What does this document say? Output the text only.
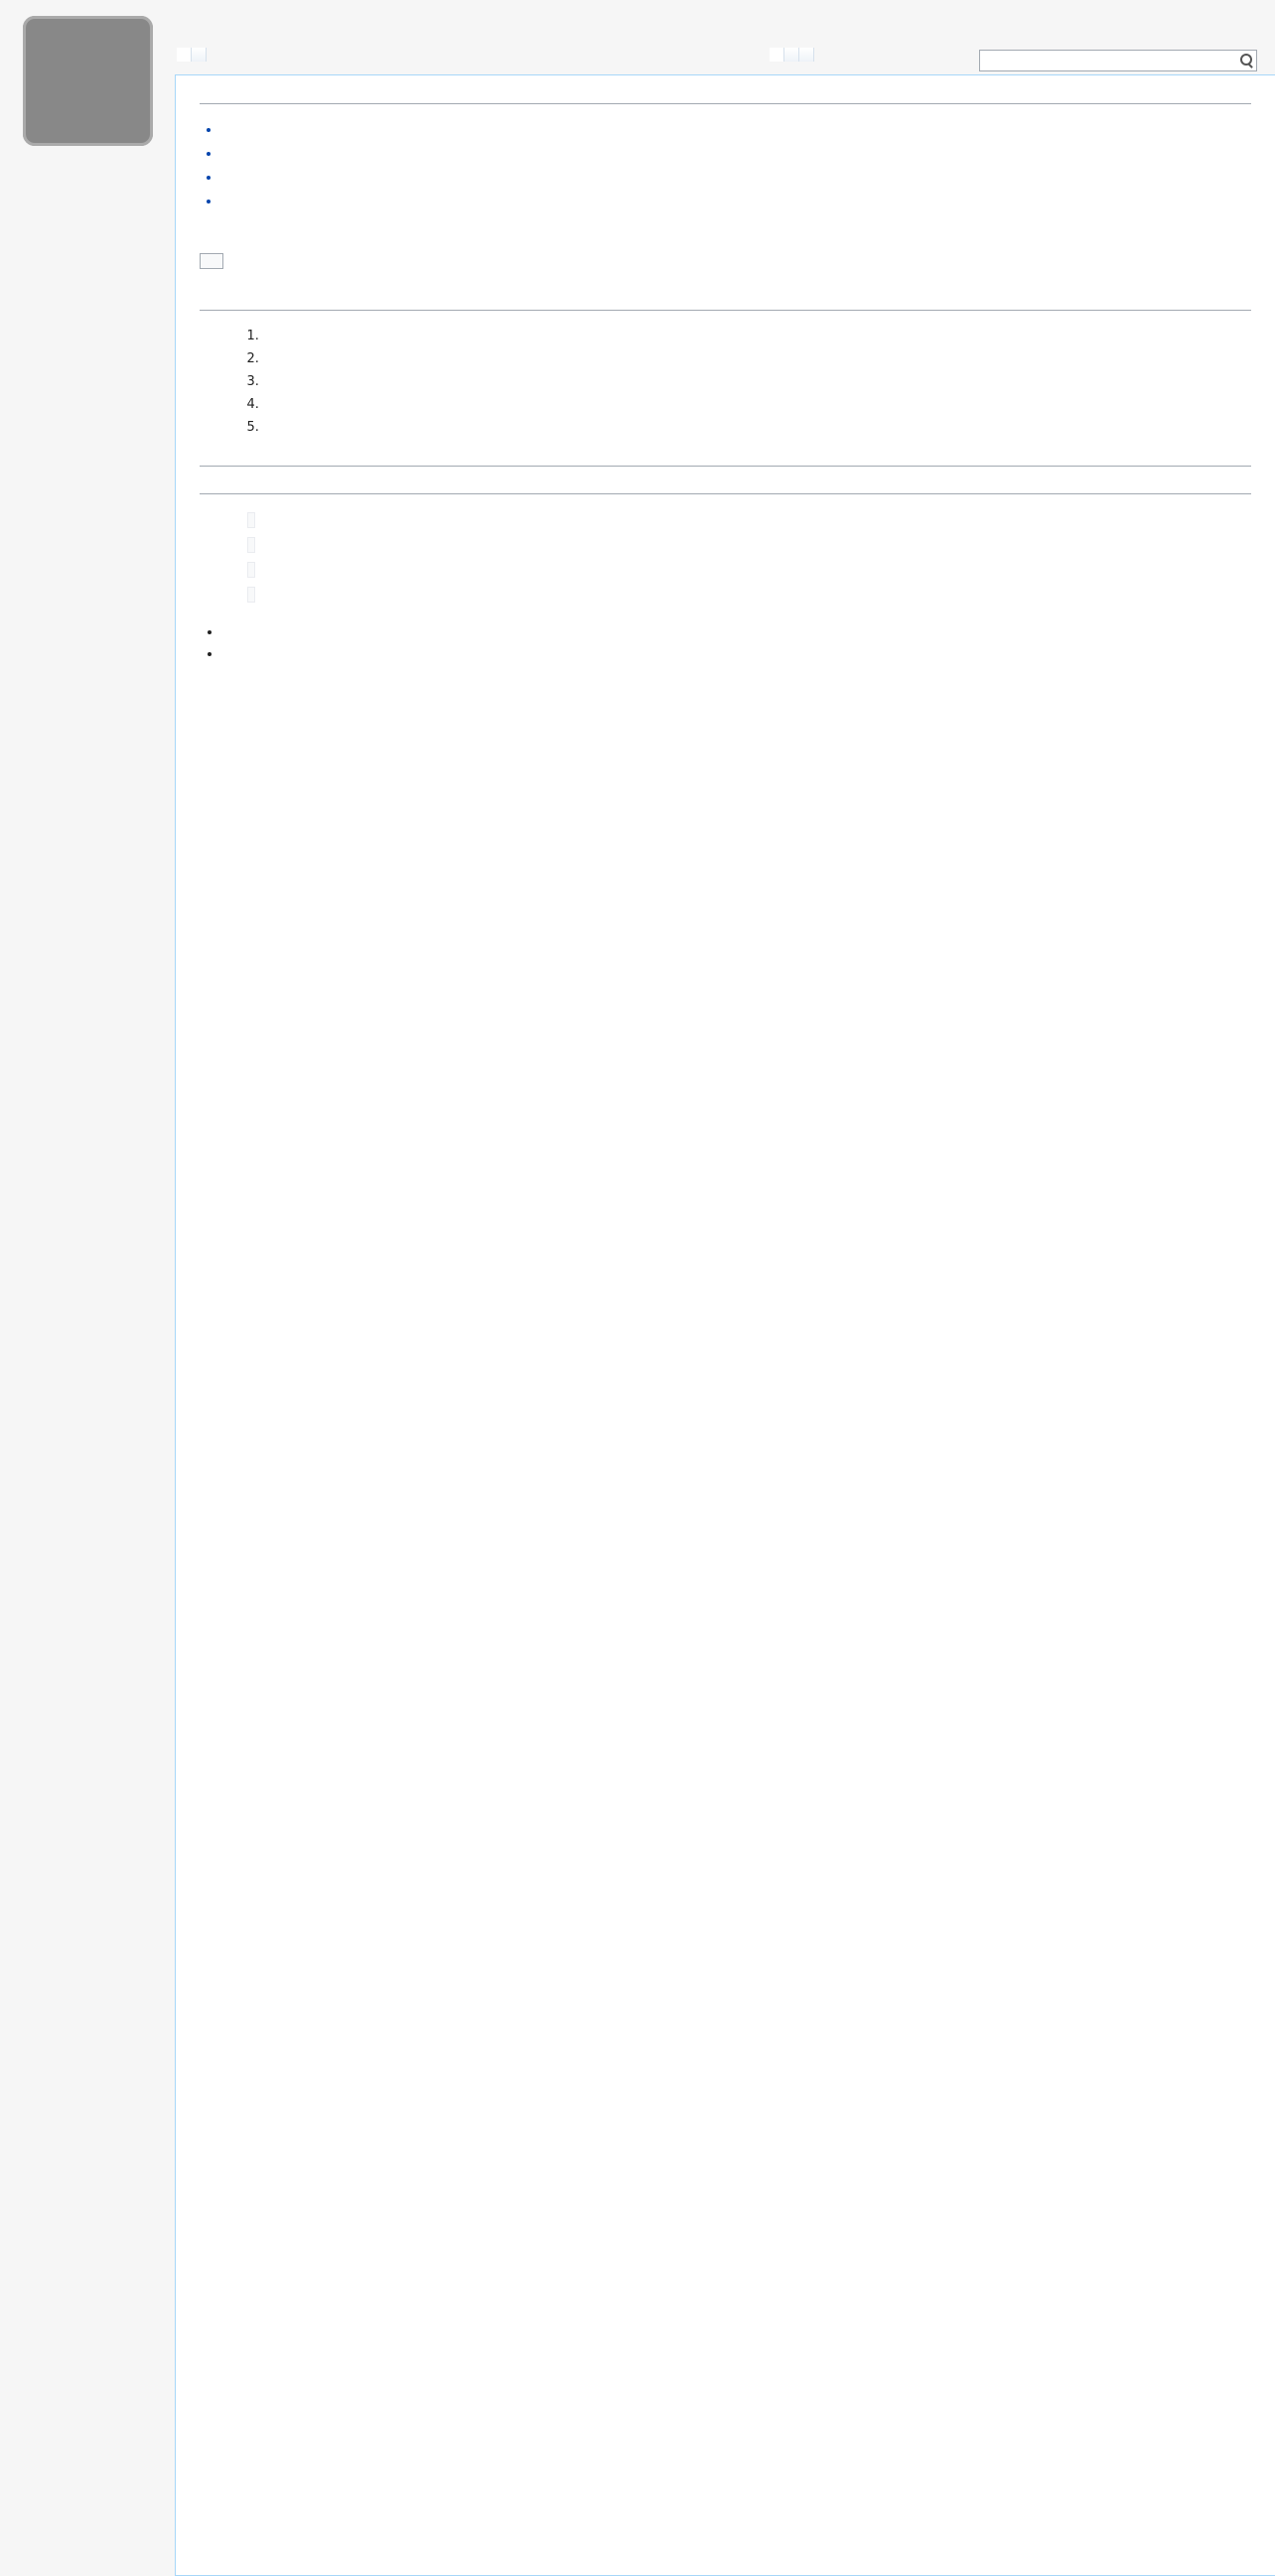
•
•
•
•

1.
2.
3.
4.
5.

•
•
